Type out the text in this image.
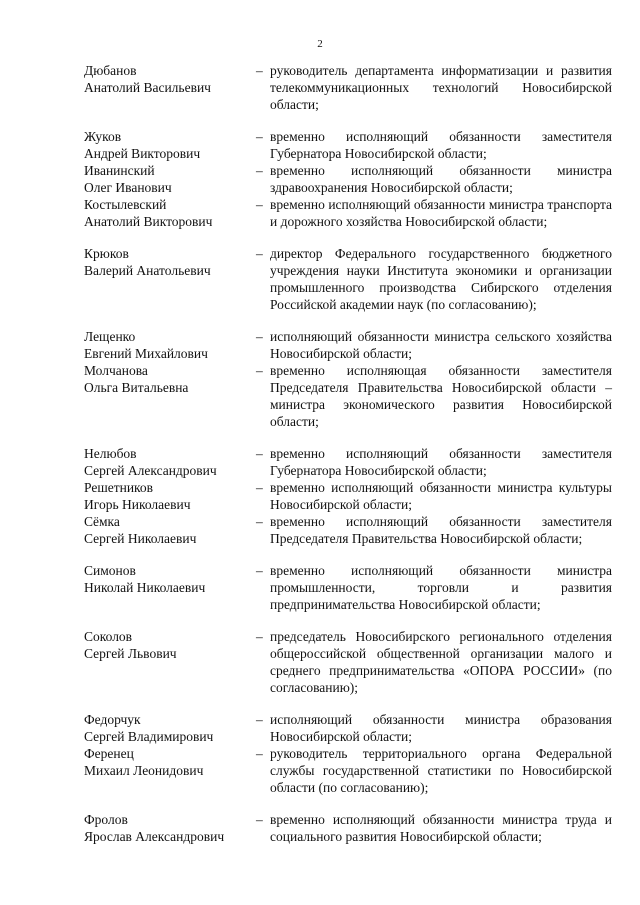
2
Дюбанов
Анатолий Васильевич
– руководитель департамента информатизации и развития телекоммуникационных технологий Новосибирской области;
Жуков
Андрей Викторович
– временно исполняющий обязанности заместителя Губернатора Новосибирской области;
Иванинский
Олег Иванович
– временно исполняющий обязанности министра здравоохранения Новосибирской области;
Костылевский
Анатолий Викторович
– временно исполняющий обязанности министра транспорта и дорожного хозяйства Новосибирской области;
Крюков
Валерий Анатольевич
– директор Федерального государственного бюджетного учреждения науки Института экономики и организации промышленного производства Сибирского отделения Российской академии наук (по согласованию);
Лещенко
Евгений Михайлович
– исполняющий обязанности министра сельского хозяйства Новосибирской области;
Молчанова
Ольга Витальевна
– временно исполняющая обязанности заместителя Председателя Правительства Новосибирской области – министра экономического развития Новосибирской области;
Нелюбов
Сергей Александрович
– временно исполняющий обязанности заместителя Губернатора Новосибирской области;
Решетников
Игорь Николаевич
– временно исполняющий обязанности министра культуры Новосибирской области;
Сёмка
Сергей Николаевич
– временно исполняющий обязанности заместителя Председателя Правительства Новосибирской области;
Симонов
Николай Николаевич
– временно исполняющий обязанности министра промышленности, торговли и развития предпринимательства Новосибирской области;
Соколов
Сергей Львович
– председатель Новосибирского регионального отделения общероссийской общественной организации малого и среднего предпринимательства «ОПОРА РОССИИ» (по согласованию);
Федорчук
Сергей Владимирович
– исполняющий обязанности министра образования Новосибирской области;
Ференец
Михаил Леонидович
– руководитель территориального органа Федеральной службы государственной статистики по Новосибирской области (по согласованию);
Фролов
Ярослав Александрович
– временно исполняющий обязанности министра труда и социального развития Новосибирской области;
